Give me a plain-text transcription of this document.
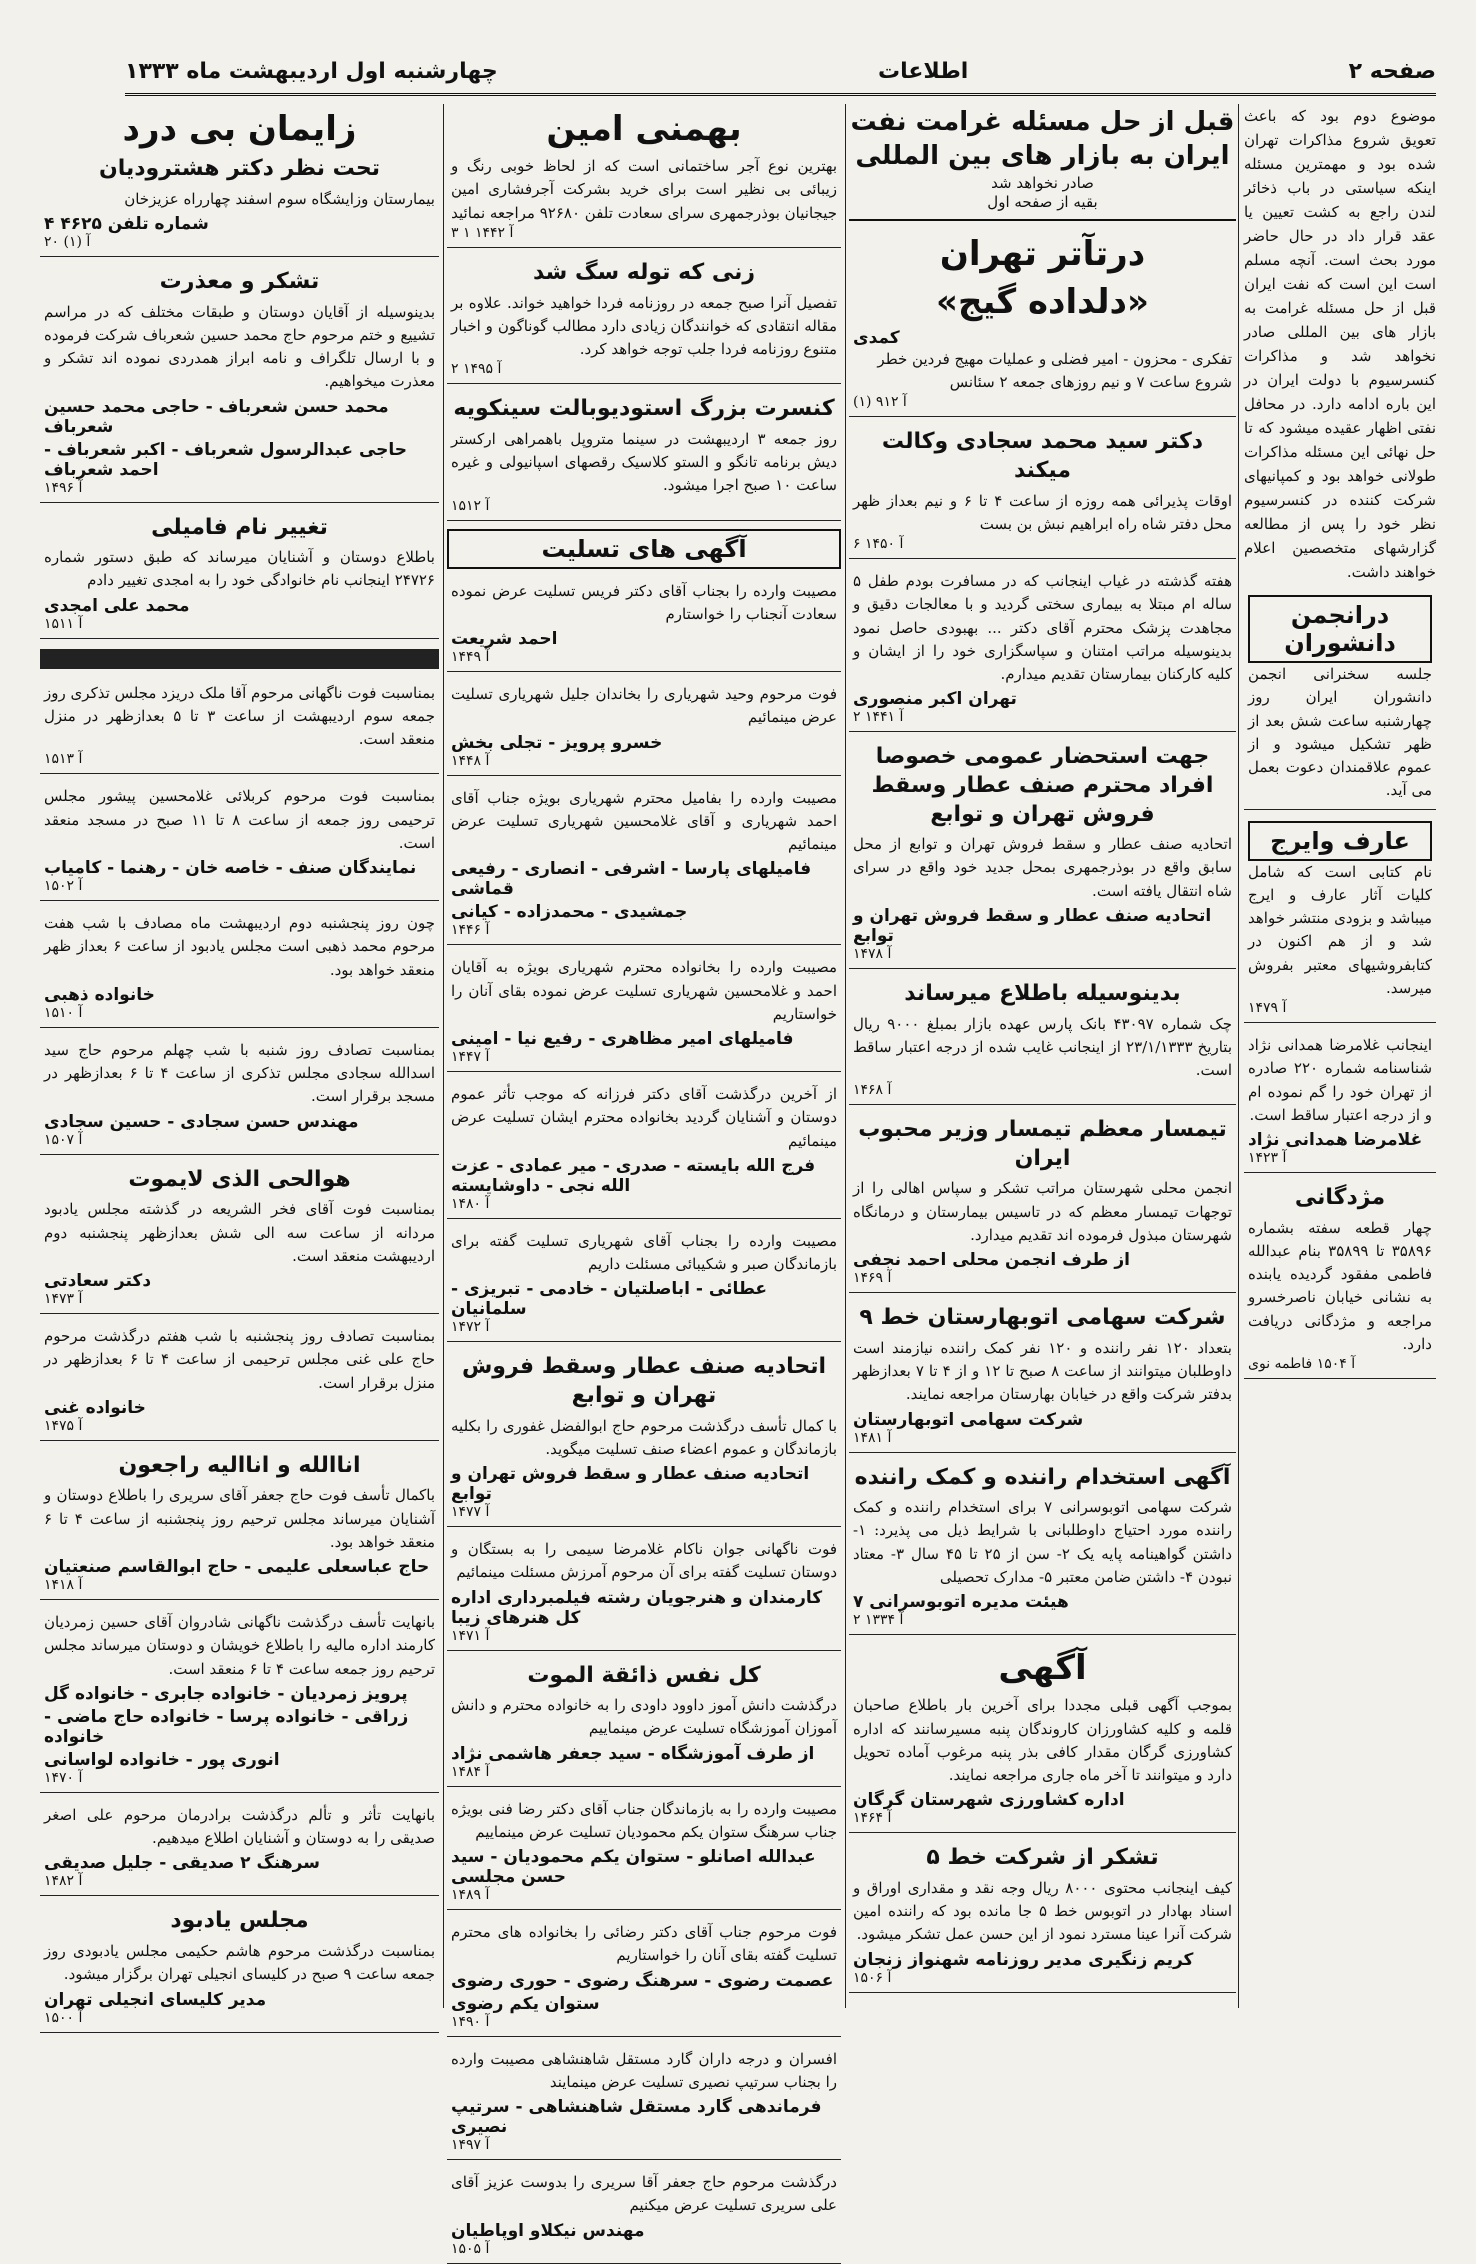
صفحه ۲
اطلاعات
چهارشنبه اول اردیبهشت ماه ۱۳۳۳

موضوع دوم بود که باعث تعویق شروع مذاکرات تهران شده بود و مهمترین مسئله اینکه سیاستی در باب ذخائر لندن راجع به کشت تعیین یا عقد قرار داد در حال حاضر مورد بحث است. آنچه مسلم است این است که نفت ایران قبل از حل مسئله غرامت به بازار های بین المللی صادر نخواهد شد و مذاکرات کنسرسیوم با دولت ایران در این باره ادامه دارد. در محافل نفتی اظهار عقیده میشود که تا حل نهائی این مسئله مذاکرات طولانی خواهد بود و کمپانیهای شرکت کننده در کنسرسیوم نظر خود را پس از مطالعه گزارشهای متخصصین اعلام خواهند داشت.

درانجمن دانشوران

جلسه سخنرانی انجمن دانشوران ایران روز چهارشنبه ساعت شش بعد از ظهر تشکیل میشود و از عموم علاقمندان دعوت بعمل می آید.

عارف وایرج

نام کتابی است که شامل کلیات آثار عارف و ایرج میباشد و بزودی منتشر خواهد شد و از هم اکنون در کتابفروشیهای معتبر بفروش میرسد.

آ ۱۴۷۹

اینجانب غلامرضا همدانی نژاد شناسنامه شماره ۲۲۰ صادره از تهران خود را گم نموده ام و از درجه اعتبار ساقط است.

غلامرضا همدانی نژاد
آ ۱۴۲۳
مژدگانی

چهار قطعه سفته بشماره ۳۵۸۹۶ تا ۳۵۸۹۹ بنام عبدالله فاطمی مفقود گردیده یابنده به نشانی خیابان ناصرخسرو مراجعه و مژدگانی دریافت دارد.

آ ۱۵۰۴ فاطمه نوی
قبل از حل مسئله غرامت نفت ایران به بازار های بین المللی
صادر نخواهد شد
بقیه از صفحه اول
درتآتر تهران
«دلداده گیج»
کمدی

تفکری - محزون - امیر فضلی و عملیات مهیج فردین خطر

شروع ساعت ۷ و نیم روزهای جمعه ۲ سئانس

آ ۹۱۲ (۱)
دکتر سید محمد سجادی وکالت میکند

اوقات پذیرائی همه روزه از ساعت ۴ تا ۶ و نیم بعداز ظهر محل دفتر شاه راه ابراهیم نبش بن بست

آ ۱۴۵۰ ۶

هفته گذشته در غیاب اینجانب که در مسافرت بودم طفل ۵ ساله ام مبتلا به بیماری سختی گردید و با معالجات دقیق و مجاهدت پزشک محترم آقای دکتر ... بهبودی حاصل نمود بدینوسیله مراتب امتنان و سپاسگزاری خود را از ایشان و کلیه کارکنان بیمارستان تقدیم میدارم.

تهران اکبر منصوری
آ ۱۴۴۱ ۲
جهت استحضار عمومی خصوصا افراد محترم صنف عطار وسقط فروش تهران و توابع

اتحادیه صنف عطار و سقط فروش تهران و توابع از محل سابق واقع در بوذرجمهری بمحل جدید خود واقع در سرای شاه انتقال یافته است.

اتحادیه صنف عطار و سقط فروش تهران و توابع
آ ۱۴۷۸
بدینوسیله باطلاع میرساند

چک شماره ۴۳۰۹۷ بانک پارس عهده بازار بمبلغ ۹۰۰۰ ریال بتاریخ ۲۳/۱/۱۳۳۳ از اینجانب غایب شده از درجه اعتبار ساقط است.

آ ۱۴۶۸
تیمسار معظم تیمسار وزیر محبوب ایران

انجمن محلی شهرستان مراتب تشکر و سپاس اهالی را از توجهات تیمسار معظم که در تاسیس بیمارستان و درمانگاه شهرستان مبذول فرموده اند تقدیم میدارد.

از طرف انجمن محلی احمد نجفی
آ ۱۴۶۹
شرکت سهامی اتوبهارستان خط ۹

بتعداد ۱۲۰ نفر راننده و ۱۲۰ نفر کمک راننده نیازمند است داوطلبان میتوانند از ساعت ۸ صبح تا ۱۲ و از ۴ تا ۷ بعدازظهر بدفتر شرکت واقع در خیابان بهارستان مراجعه نمایند.

شرکت سهامی اتوبهارستان
آ ۱۴۸۱
آگهی استخدام راننده و کمک راننده

شرکت سهامی اتوبوسرانی ۷ برای استخدام راننده و کمک راننده مورد احتیاج داوطلبانی با شرایط ذیل می پذیرد: ۱- داشتن گواهینامه پایه یک ۲- سن از ۲۵ تا ۴۵ سال ۳- معتاد نبودن ۴- داشتن ضامن معتبر ۵- مدارک تحصیلی

هیئت مدیره اتوبوسرانی ۷
آ ۱۳۳۴ ۲
آگهی

بموجب آگهی قبلی مجددا برای آخرین بار باطلاع صاحبان قلمه و کلیه کشاورزان کاروندگان پنبه مسیرسانند که اداره کشاورزی گرگان مقدار کافی بذر پنبه مرغوب آماده تحویل دارد و میتوانند تا آخر ماه جاری مراجعه نمایند.

اداره کشاورزی شهرستان گرگان
آ ۱۴۶۴
تشکر از شرکت خط ۵

کیف اینجانب محتوی ۸۰۰۰ ریال وجه نقد و مقداری اوراق و اسناد بهادار در اتوبوس خط ۵ جا مانده بود که راننده امین شرکت آنرا عینا مسترد نمود از این حسن عمل تشکر میشود.

کریم زنگیری مدیر روزنامه شهنواز زنجان
آ ۱۵۰۶
بهمنی امین

بهترین نوع آجر ساختمانی است که از لحاظ خوبی رنگ و زیبائی بی نظیر است برای خرید بشرکت آجرفشاری امین جیجانیان بوذرجمهری سرای سعادت تلفن ۹۲۶۸۰ مراجعه نمائید

آ ۱۴۴۲ ۱ ۳
زنی که توله سگ شد

تفصیل آنرا صبح جمعه در روزنامه فردا خواهید خواند. علاوه بر مقاله انتقادی که خوانندگان زیادی دارد مطالب گوناگون و اخبار متنوع روزنامه فردا جلب توجه خواهد کرد.

آ ۱۴۹۵ ۲
کنسرت بزرگ استودیوبالت سینکویه

روز جمعه ۳ اردیبهشت در سینما متروپل باهمراهی ارکستر دیش برنامه تانگو و الستو کلاسیک رقصهای اسپانیولی و غیره ساعت ۱۰ صبح اجرا میشود.

آ ۱۵۱۲
آگهی های تسلیت

مصیبت وارده را بجناب آقای دکتر فریس تسلیت عرض نموده سعادت آنجناب را خواستارم

احمد شریعت
آ ۱۴۴۹

فوت مرحوم وحید شهریاری را بخاندان جلیل شهریاری تسلیت عرض مینمائیم

خسرو پرویز - تجلی بخش
آ ۱۴۴۸

مصیبت وارده را بفامیل محترم شهریاری بویژه جناب آقای احمد شهریاری و آقای غلامحسین شهریاری تسلیت عرض مینمائیم

فامیلهای پارسا - اشرفی - انصاری - رفیعی قماشی
جمشیدی - محمدزاده - کیانی
آ ۱۴۴۶

مصیبت وارده را بخانواده محترم شهریاری بویژه به آقایان احمد و غلامحسین شهریاری تسلیت عرض نموده بقای آنان را خواستاریم

فامیلهای امیر مظاهری - رفیع نیا - امینی
آ ۱۴۴۷

از آخرین درگذشت آقای دکتر فرزانه که موجب تأثر عموم دوستان و آشنایان گردید بخانواده محترم ایشان تسلیت عرض مینمائیم

فرج الله بایسته - صدری - میر عمادی - عزت الله نجی - داوشایسته
آ ۱۴۸۰

مصیبت وارده را بجناب آقای شهریاری تسلیت گفته برای بازماندگان صبر و شکیبائی مسئلت داریم

عطائی - اباصلتیان - خادمی - تبریزی - سلمانیان
آ ۱۴۷۲
اتحادیه صنف عطار وسقط فروش تهران و توابع

با کمال تأسف درگذشت مرحوم حاج ابوالفضل غفوری را بکلیه بازماندگان و عموم اعضاء صنف تسلیت میگوید.

اتحادیه صنف عطار و سقط فروش تهران و توابع
آ ۱۴۷۷

فوت ناگهانی جوان ناکام غلامرضا سیمی را به بستگان و دوستان تسلیت گفته برای آن مرحوم آمرزش مسئلت مینمائیم

کارمندان و هنرجویان رشته فیلمبرداری اداره کل هنرهای زیبا
آ ۱۴۷۱
کل نفس ذائقة الموت

درگذشت دانش آموز داوود داودی را به خانواده محترم و دانش آموزان آموزشگاه تسلیت عرض مینماییم

از طرف آموزشگاه - سید جعفر هاشمی نژاد
آ ۱۴۸۴

مصیبت وارده را به بازماندگان جناب آقای دکتر رضا فنی بویژه جناب سرهنگ ستوان یکم محمودیان تسلیت عرض مینماییم

عبدالله اصانلو - ستوان یکم محمودیان - سید حسن مجلسی
آ ۱۴۸۹

فوت مرحوم جناب آقای دکتر رضائی را بخانواده های محترم تسلیت گفته بقای آنان را خواستاریم

عصمت رضوی - سرهنگ رضوی - حوری رضوی
ستوان یکم رضوی
آ ۱۴۹۰

افسران و درجه داران گارد مستقل شاهنشاهی مصیبت وارده را بجناب سرتیپ نصیری تسلیت عرض مینمایند

فرماندهی گارد مستقل شاهنشاهی - سرتیپ نصیری
آ ۱۴۹۷

درگذشت مرحوم حاج جعفر آقا سریری را بدوست عزیز آقای علی سریری تسلیت عرض میکنیم

مهندس نیکلاو اوپاطیان
آ ۱۵۰۵
زایمان بی درد
تحت نظر دکتر هشترودیان

بیمارستان وزایشگاه سوم اسفند چهارراه عزیزخان

شماره تلفن ۴۶۲۵ ۴
۲۰ آ (۱)
تشکر و معذرت

بدینوسیله از آقایان دوستان و طبقات مختلف که در مراسم تشییع و ختم مرحوم حاج محمد حسین شعرباف شرکت فرموده و با ارسال تلگراف و نامه ابراز همدردی نموده اند تشکر و معذرت میخواهیم.

محمد حسن شعرباف - حاجی محمد حسین شعرباف
حاجی عبدالرسول شعرباف - اکبر شعرباف - احمد شعرباف
آ ۱۴۹۶
تغییر نام فامیلی

باطلاع دوستان و آشنایان میرساند که طبق دستور شماره ۲۴۷۲۶ اینجانب نام خانوادگی خود را به امجدی تغییر دادم

محمد علی امجدی
آ ۱۵۱۱

بمناسبت فوت ناگهانی مرحوم آقا ملک دریزد مجلس تذکری روز جمعه سوم اردیبهشت از ساعت ۳ تا ۵ بعدازظهر در منزل منعقد است.

آ ۱۵۱۳

بمناسبت فوت مرحوم کربلائی غلامحسین پیشور مجلس ترحیمی روز جمعه از ساعت ۸ تا ۱۱ صبح در مسجد منعقد است.

نمایندگان صنف - خاصه خان - رهنما - کامیاب
آ ۱۵۰۲

چون روز پنجشنبه دوم اردیبهشت ماه مصادف با شب هفت مرحوم محمد ذهبی است مجلس یادبود از ساعت ۶ بعداز ظهر منعقد خواهد بود.

خانواده ذهبی
آ ۱۵۱۰

بمناسبت تصادف روز شنبه با شب چهلم مرحوم حاج سید اسدالله سجادی مجلس تذکری از ساعت ۴ تا ۶ بعدازظهر در مسجد برقرار است.

مهندس حسن سجادی - حسین سجادی
آ ۱۵۰۷
هوالحی الذی لایموت

بمناسبت فوت آقای فخر الشریعه در گذشته مجلس یادبود مردانه از ساعت سه الی شش بعدازظهر پنجشنبه دوم اردیبهشت منعقد است.

دکتر سعادتی
آ ۱۴۷۳

بمناسبت تصادف روز پنجشنبه با شب هفتم درگذشت مرحوم حاج علی غنی مجلس ترحیمی از ساعت ۴ تا ۶ بعدازظهر در منزل برقرار است.

خانواده غنی
آ ۱۴۷۵
اناالله و انااليه راجعون

باکمال تأسف فوت حاج جعفر آقای سریری را باطلاع دوستان و آشنایان میرساند مجلس ترحیم روز پنجشنبه از ساعت ۴ تا ۶ منعقد خواهد بود.

حاج عباسعلی علیمی - حاج ابوالقاسم صنعتیان
آ ۱۴۱۸

بانهایت تأسف درگذشت ناگهانی شادروان آقای حسین زمردیان کارمند اداره مالیه را باطلاع خویشان و دوستان میرساند مجلس ترحیم روز جمعه ساعت ۴ تا ۶ منعقد است.

پرویز زمردیان - خانواده جابری - خانواده گل
زراقی - خانواده پرسا - خانواده حاج ماضی - خانواده
انوری پور - خانواده لواسانی
آ ۱۴۷۰

بانهایت تأثر و تألم درگذشت برادرمان مرحوم علی اصغر صدیقی را به دوستان و آشنایان اطلاع میدهیم.

سرهنگ ۲ صدیقی - جلیل صدیقی
آ ۱۴۸۲
مجلس یادبود

بمناسبت درگذشت مرحوم هاشم حکیمی مجلس یادبودی روز جمعه ساعت ۹ صبح در کلیسای انجیلی تهران برگزار میشود.

مدیر کلیسای انجیلی تهران
آ ۱۵۰۰
